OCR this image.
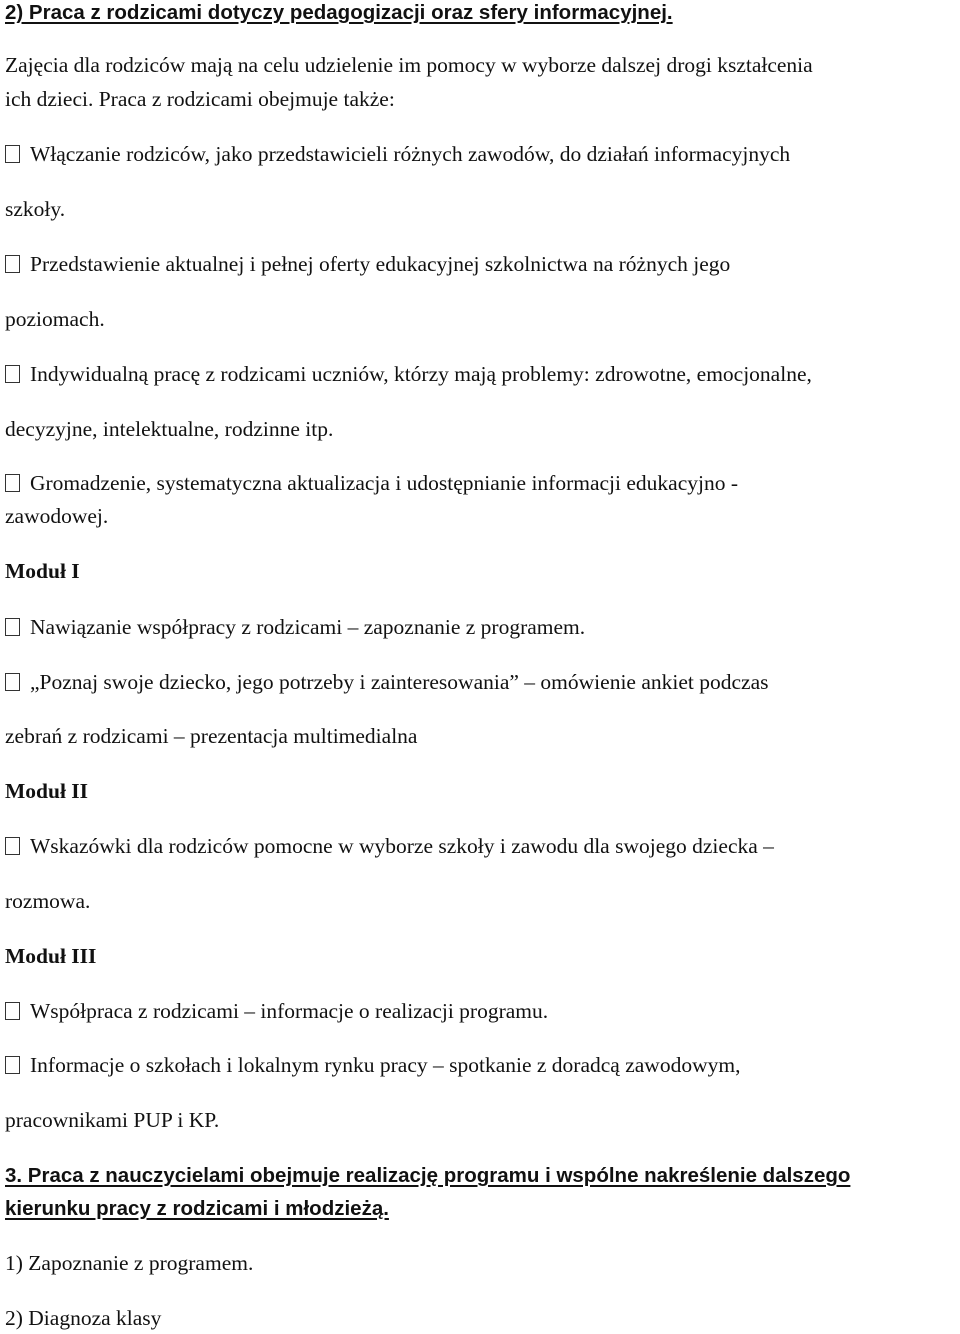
2) Praca z rodzicami dotyczy pedagogizacji oraz sfery informacyjnej.
Zajęcia dla rodziców mają na celu udzielenie im pomocy w wyborze dalszej drogi kształcenia
ich dzieci. Praca z rodzicami obejmuje także:
Włączanie rodziców, jako przedstawicieli różnych zawodów, do działań informacyjnych
szkoły.
Przedstawienie aktualnej i pełnej oferty edukacyjnej szkolnictwa na różnych jego
poziomach.
Indywidualną pracę z rodzicami uczniów, którzy mają problemy: zdrowotne, emocjonalne,
decyzyjne, intelektualne, rodzinne itp.
Gromadzenie, systematyczna aktualizacja i udostępnianie informacji edukacyjno -
zawodowej.
Moduł I
Nawiązanie współpracy z rodzicami – zapoznanie z programem.
„Poznaj swoje dziecko, jego potrzeby i zainteresowania” – omówienie ankiet podczas
zebrań z rodzicami – prezentacja multimedialna
Moduł II
Wskazówki dla rodziców pomocne w wyborze szkoły i zawodu dla swojego dziecka –
rozmowa.
Moduł III
Współpraca z rodzicami – informacje o realizacji programu.
Informacje o szkołach i lokalnym rynku pracy – spotkanie z doradcą zawodowym,
pracownikami PUP i KP.
3. Praca z nauczycielami obejmuje realizację programu i wspólne nakreślenie dalszego
kierunku pracy z rodzicami i młodzieżą.
1) Zapoznanie z programem.
2) Diagnoza klasy
